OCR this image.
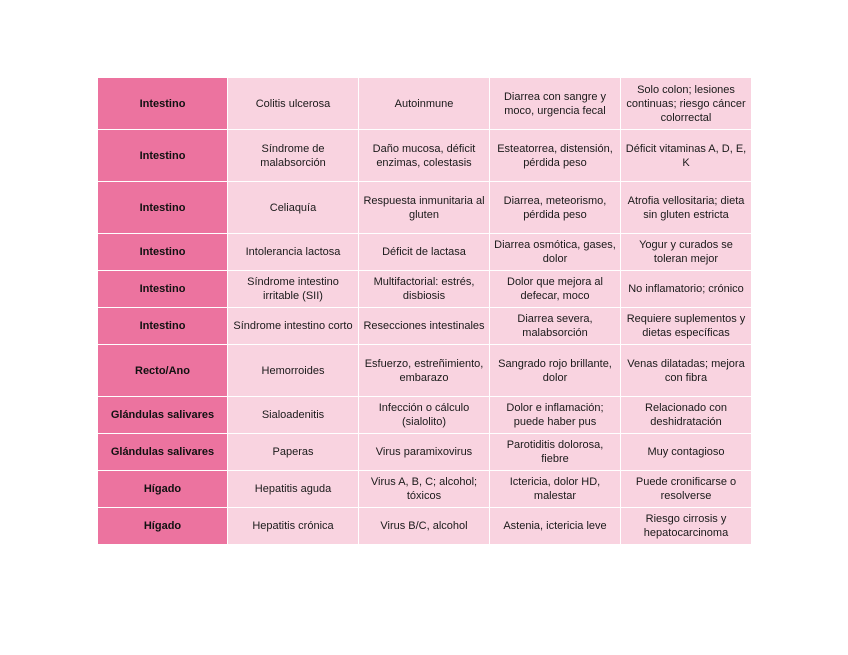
Intestino	Colitis ulcerosa	Autoinmune	Diarrea con sangre y moco, urgencia fecal	Solo colon; lesiones continuas; riesgo cáncer colorrectal
Intestino	Síndrome de malabsorción	Daño mucosa, déficit enzimas, colestasis	Esteatorrea, distensión, pérdida peso	Déficit vitaminas A, D, E, K
Intestino	Celiaquía	Respuesta inmunitaria al gluten	Diarrea, meteorismo, pérdida peso	Atrofia vellositaria; dieta sin gluten estricta
Intestino	Intolerancia lactosa	Déficit de lactasa	Diarrea osmótica, gases, dolor	Yogur y curados se toleran mejor
Intestino	Síndrome intestino irritable (SII)	Multifactorial: estrés, disbiosis	Dolor que mejora al defecar, moco	No inflamatorio; crónico
Intestino	Síndrome intestino corto	Resecciones intestinales	Diarrea severa, malabsorción	Requiere suplementos y dietas específicas
Recto/Ano	Hemorroides	Esfuerzo, estreñimiento, embarazo	Sangrado rojo brillante, dolor	Venas dilatadas; mejora con fibra
Glándulas salivares	Sialoadenitis	Infección o cálculo (sialolito)	Dolor e inflamación; puede haber pus	Relacionado con deshidratación
Glándulas salivares	Paperas	Virus paramixovirus	Parotiditis dolorosa, fiebre	Muy contagioso
Hígado	Hepatitis aguda	Virus A, B, C; alcohol; tóxicos	Ictericia, dolor HD, malestar	Puede cronificarse o resolverse
Hígado	Hepatitis crónica	Virus B/C, alcohol	Astenia, ictericia leve	Riesgo cirrosis y hepatocarcinoma
